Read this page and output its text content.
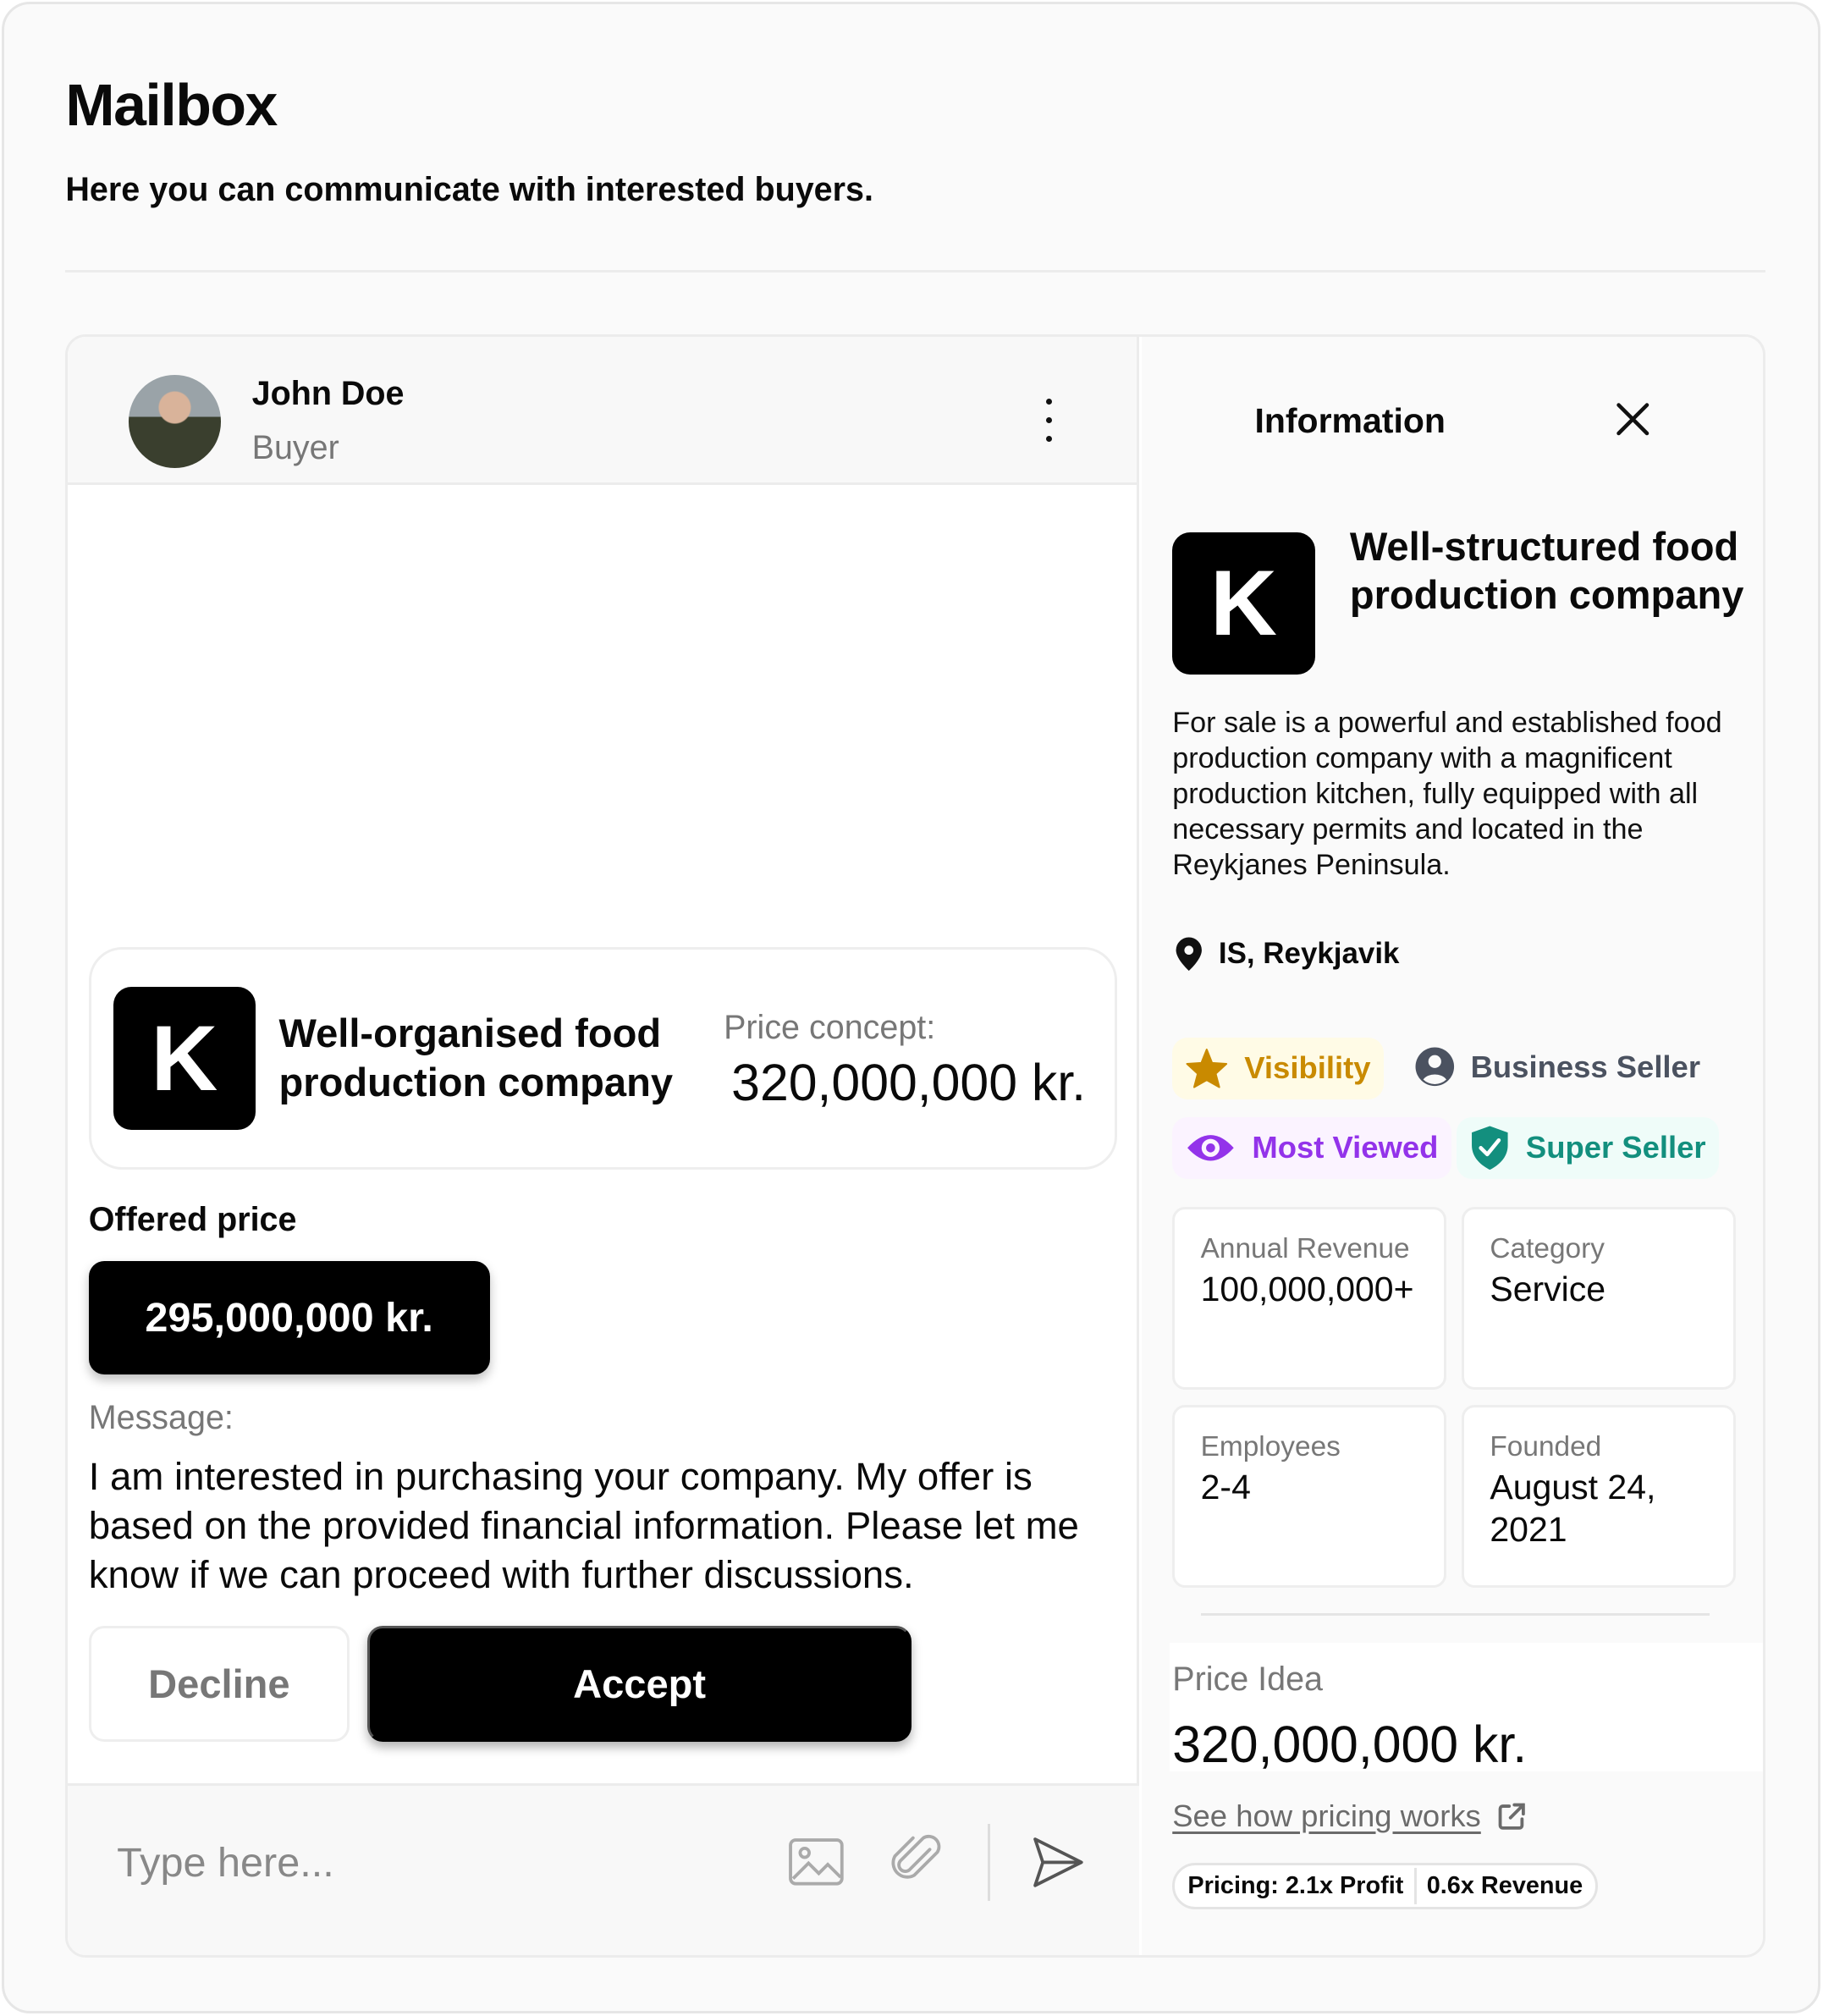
Mailbox
Here you can communicate with interested buyers.
John Doe
Buyer
K	Well-organised food production company
Price concept:
320,000,000 kr.
Offered price
295,000,000 kr.
Message:
I am interested in purchasing your company. My offer is based on the provided financial information. Please let me know if we can proceed with further discussions.
Decline	Accept
Type here...
Information
K
Well-structured food production company
For sale is a powerful and established food production company with a magnificent production kitchen, fully equipped with all necessary permits and located in the Reykjanes Peninsula.
IS, Reykjavik
Visibility	Business Seller
Most Viewed	Super Seller
Annual Revenue
100,000,000+
Category
Service
Employees
2-4
Founded
August 24, 2021
Price Idea
320,000,000 kr.
See how pricing works
Pricing: 2.1x Profit 0.6x Revenue
